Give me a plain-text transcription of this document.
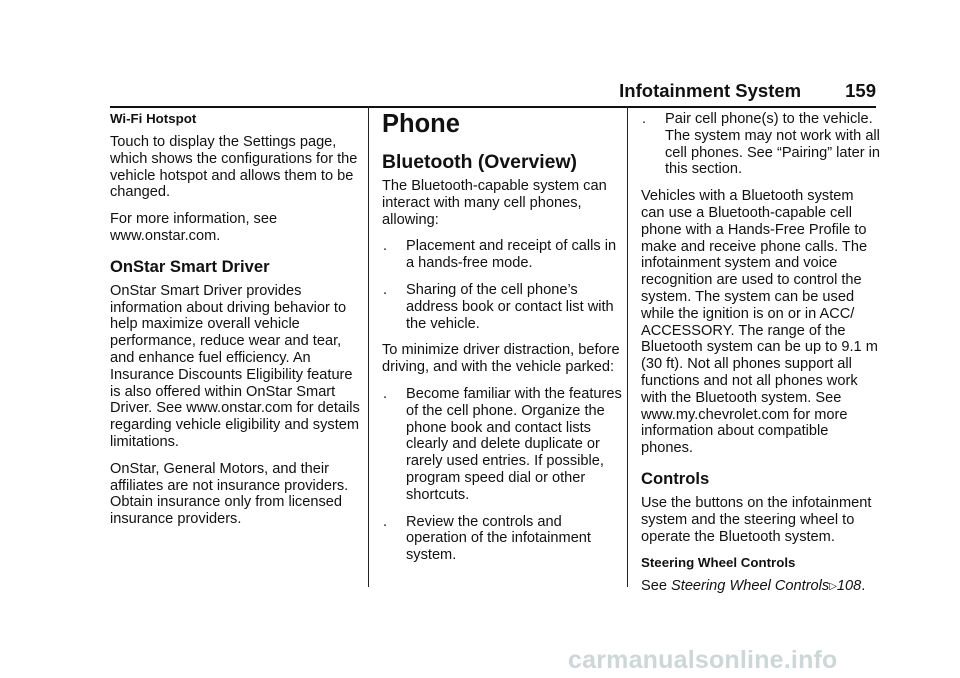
Infotainment System 159
Wi-Fi Hotspot

Touch to display the Settings page, which shows the configurations for the vehicle hotspot and allows them to be changed.

For more information, see www.onstar.com.

OnStar Smart Driver

OnStar Smart Driver provides information about driving behavior to help maximize overall vehicle performance, reduce wear and tear, and enhance fuel efficiency. An Insurance Discounts Eligibility feature is also offered within OnStar Smart Driver. See www.onstar.com for details regarding vehicle eligibility and system limitations.

OnStar, General Motors, and their affiliates are not insurance providers. Obtain insurance only from licensed insurance providers.

Phone
Bluetooth (Overview)

The Bluetooth-capable system can interact with many cell phones, allowing:

. Placement and receipt of calls in a hands-free mode.
. Sharing of the cell phone’s address book or contact list with the vehicle.

To minimize driver distraction, before driving, and with the vehicle parked:

. Become familiar with the features of the cell phone. Organize the phone book and contact lists clearly and delete duplicate or rarely used entries. If possible, program speed dial or other shortcuts.
. Review the controls and operation of the infotainment system.
. Pair cell phone(s) to the vehicle. The system may not work with all cell phones. See “Pairing” later in this section.

Vehicles with a Bluetooth system can use a Bluetooth-capable cell phone with a Hands-Free Profile to make and receive phone calls. The infotainment system and voice recognition are used to control the system. The system can be used while the ignition is on or in ACC/ ACCESSORY. The range of the Bluetooth system can be up to 9.1 m (30 ft). Not all phones support all functions and not all phones work with the Bluetooth system. See www.my.chevrolet.com for more information about compatible phones.

Controls

Use the buttons on the infotainment system and the steering wheel to operate the Bluetooth system.

Steering Wheel Controls

See Steering Wheel Controls▷108.

carmanualsonline.info
